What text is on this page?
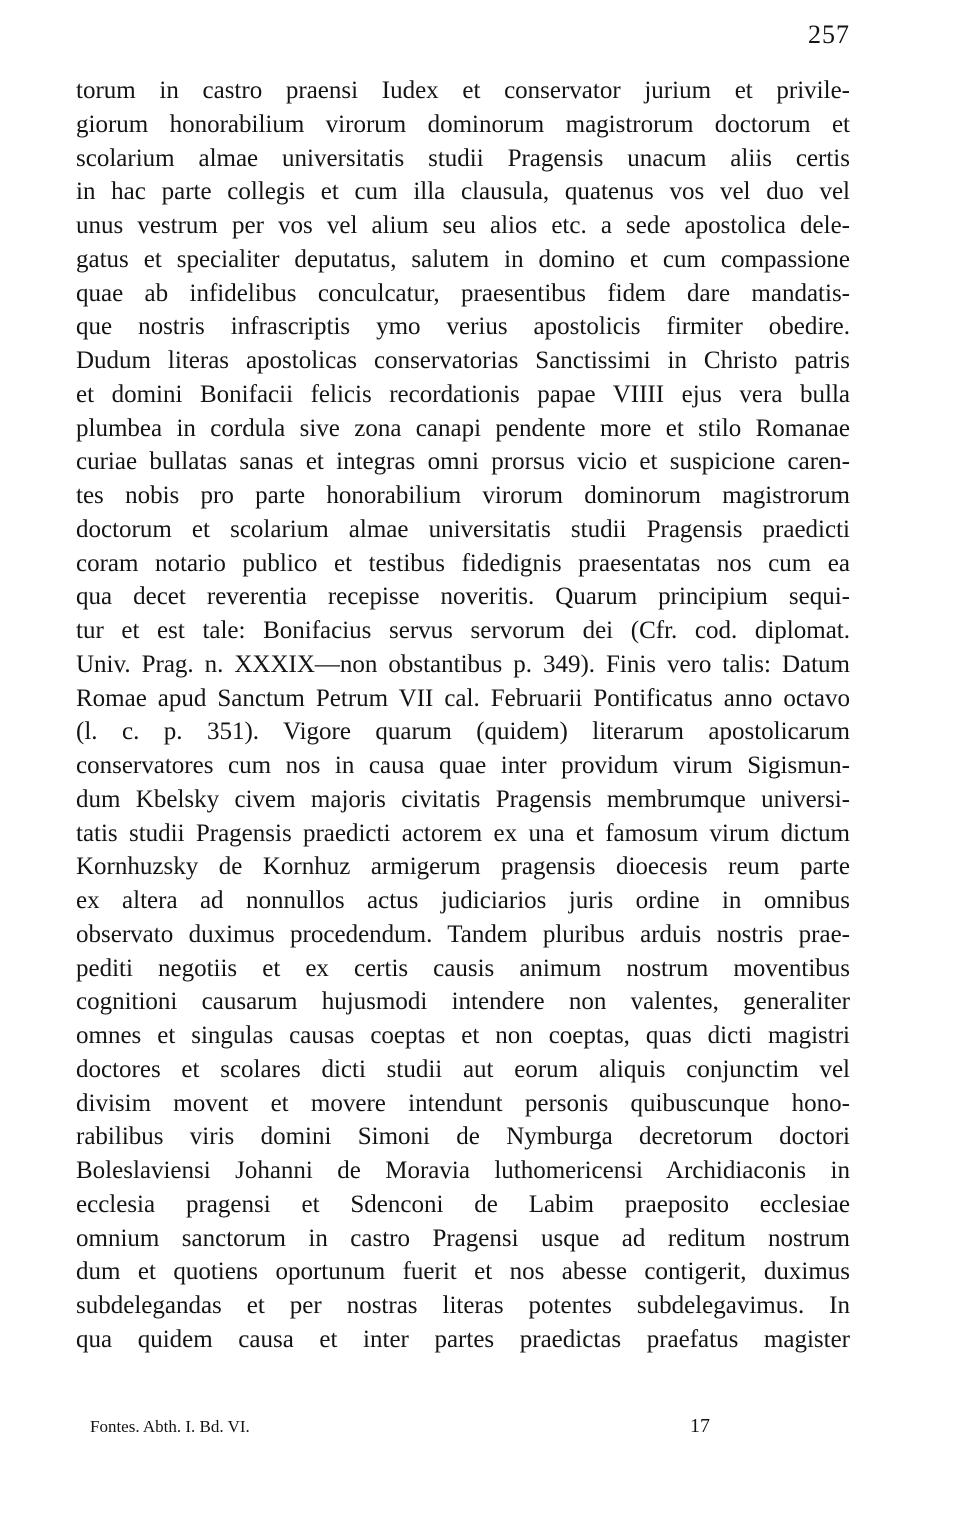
257
torum in castro praensi Iudex et conservator jurium et privile-
giorum honorabilium virorum dominorum magistrorum doctorum et
scolarium almae universitatis studii Pragensis unacum aliis certis
in hac parte collegis et cum illa clausula, quatenus vos vel duo vel
unus vestrum per vos vel alium seu alios etc. a sede apostolica dele-
gatus et specialiter deputatus, salutem in domino et cum compassione
quae ab infidelibus conculcatur, praesentibus fidem dare mandatis-
que nostris infrascriptis ymo verius apostolicis firmiter obedire.
Dudum literas apostolicas conservatorias Sanctissimi in Christo patris
et domini Bonifacii felicis recordationis papae VIIII ejus vera bulla
plumbea in cordula sive zona canapi pendente more et stilo Romanae
curiae bullatas sanas et integras omni prorsus vicio et suspicione caren-
tes nobis pro parte honorabilium virorum dominorum magistrorum
doctorum et scolarium almae universitatis studii Pragensis praedicti
coram notario publico et testibus fidedignis praesentatas nos cum ea
qua decet reverentia recepisse noveritis. Quarum principium sequi-
tur et est tale: Bonifacius servus servorum dei (Cfr. cod. diplomat.
Univ. Prag. n. XXXIX—non obstantibus p. 349). Finis vero talis: Datum
Romae apud Sanctum Petrum VII cal. Februarii Pontificatus anno octavo
(l. c. p. 351). Vigore quarum (quidem) literarum apostolicarum
conservatores cum nos in causa quae inter providum virum Sigismun-
dum Kbelsky civem majoris civitatis Pragensis membrumque universi-
tatis studii Pragensis praedicti actorem ex una et famosum virum dictum
Kornhuzsky de Kornhuz armigerum pragensis dioecesis reum parte
ex altera ad nonnullos actus judiciarios juris ordine in omnibus
observato duximus procedendum. Tandem pluribus arduis nostris prae-
pediti negotiis et ex certis causis animum nostrum moventibus
cognitioni causarum hujusmodi intendere non valentes, generaliter
omnes et singulas causas coeptas et non coeptas, quas dicti magistri
doctores et scolares dicti studii aut eorum aliquis conjunctim vel
divisim movent et movere intendunt personis quibuscunque hono-
rabilibus viris domini Simoni de Nymburga decretorum doctori
Boleslaviensi Johanni de Moravia luthomericensi Archidiaconis in
ecclesia pragensi et Sdenconi de Labim praeposito ecclesiae
omnium sanctorum in castro Pragensi usque ad reditum nostrum
dum et quotiens oportunum fuerit et nos abesse contigerit, duximus
subdelegandas et per nostras literas potentes subdelegavimus. In
qua quidem causa et inter partes praedictas praefatus magister
Fontes. Abth. I. Bd. VI.	17
